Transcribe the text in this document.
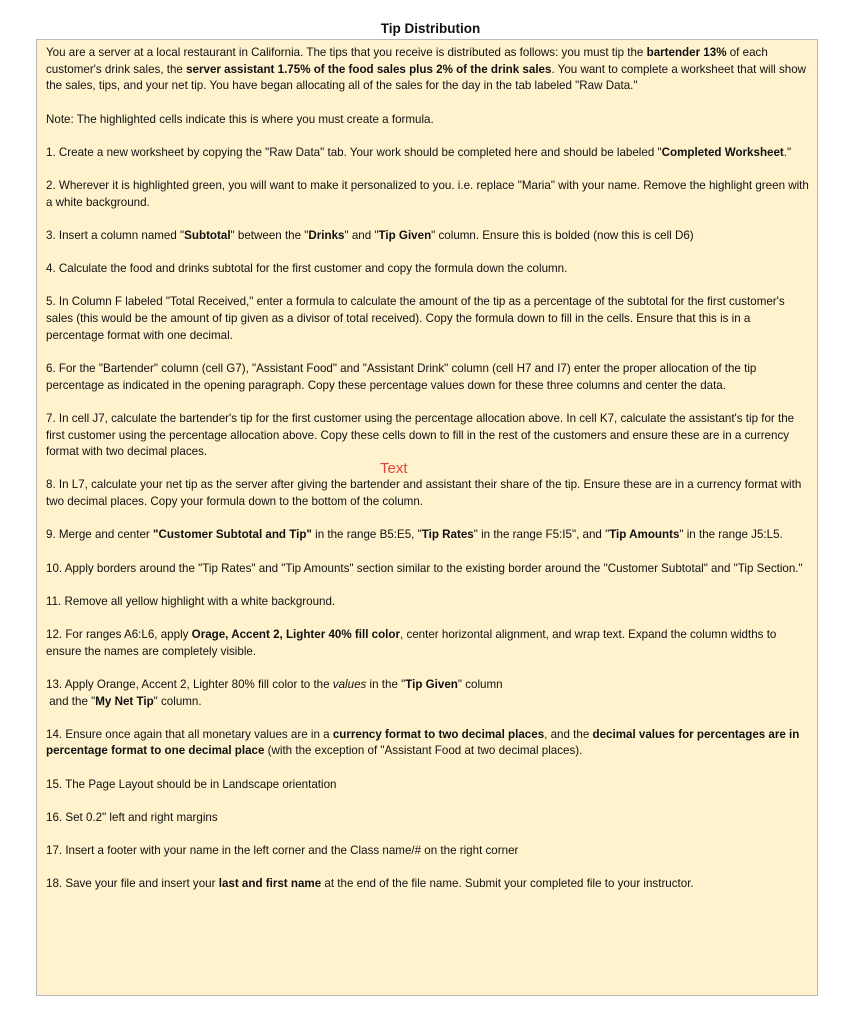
Tip Distribution

You are a server at a local restaurant in California. The tips that you receive is distributed as follows: you must tip the bartender 13% of each customer's drink sales, the server assistant 1.75% of the food sales plus 2% of the drink sales. You want to complete a worksheet that will show the sales, tips, and your net tip. You have began allocating all of the sales for the day in the tab labeled "Raw Data."

Note: The highlighted cells indicate this is where you must create a formula.

1. Create a new worksheet by copying the "Raw Data" tab. Your work should be completed here and should be labeled "Completed Worksheet."

2. Wherever it is highlighted green, you will want to make it personalized to you. i.e. replace "Maria" with your name. Remove the highlight green with a white background.

3. Insert a column named "Subtotal" between the "Drinks" and "Tip Given" column. Ensure this is bolded (now this is cell D6)

4. Calculate the food and drinks subtotal for the first customer and copy the formula down the column.

5. In Column F labeled "Total Received," enter a formula to calculate the amount of the tip as a percentage of the subtotal for the first customer's sales (this would be the amount of tip given as a divisor of total received). Copy the formula down to fill in the cells. Ensure that this is in a percentage format with one decimal.

6. For the "Bartender" column (cell G7), "Assistant Food" and "Assistant Drink" column (cell H7 and I7) enter the proper allocation of the tip percentage as indicated in the opening paragraph. Copy these percentage values down for these three columns and center the data.

7. In cell J7, calculate the bartender's tip for the first customer using the percentage allocation above. In cell K7, calculate the assistant's tip for the first customer using the percentage allocation above. Copy these cells down to fill in the rest of the customers and ensure these are in a currency format with two decimal places.

8. In L7, calculate your net tip as the server after giving the bartender and assistant their share of the tip. Ensure these are in a currency format with two decimal places. Copy your formula down to the bottom of the column.

9. Merge and center "Customer Subtotal and Tip" in the range B5:E5, "Tip Rates" in the range F5:I5", and "Tip Amounts" in the range J5:L5.

10. Apply borders around the "Tip Rates" and "Tip Amounts" section similar to the existing border around the "Customer Subtotal" and "Tip Section."

11. Remove all yellow highlight with a white background.

12. For ranges A6:L6, apply Orage, Accent 2, Lighter 40% fill color, center horizontal alignment, and wrap text. Expand the column widths to ensure the names are completely visible.

13. Apply Orange, Accent 2, Lighter 80% fill color to the values in the "Tip Given" column
and the "My Net Tip" column.

14. Ensure once again that all monetary values are in a currency format to two decimal places, and the decimal values for percentages are in percentage format to one decimal place (with the exception of "Assistant Food at two decimal places).

15. The Page Layout should be in Landscape orientation

16. Set 0.2" left and right margins

17. Insert a footer with your name in the left corner and the Class name/# on the right corner

18. Save your file and insert your last and first name at the end of the file name. Submit your completed file to your instructor.

Text
